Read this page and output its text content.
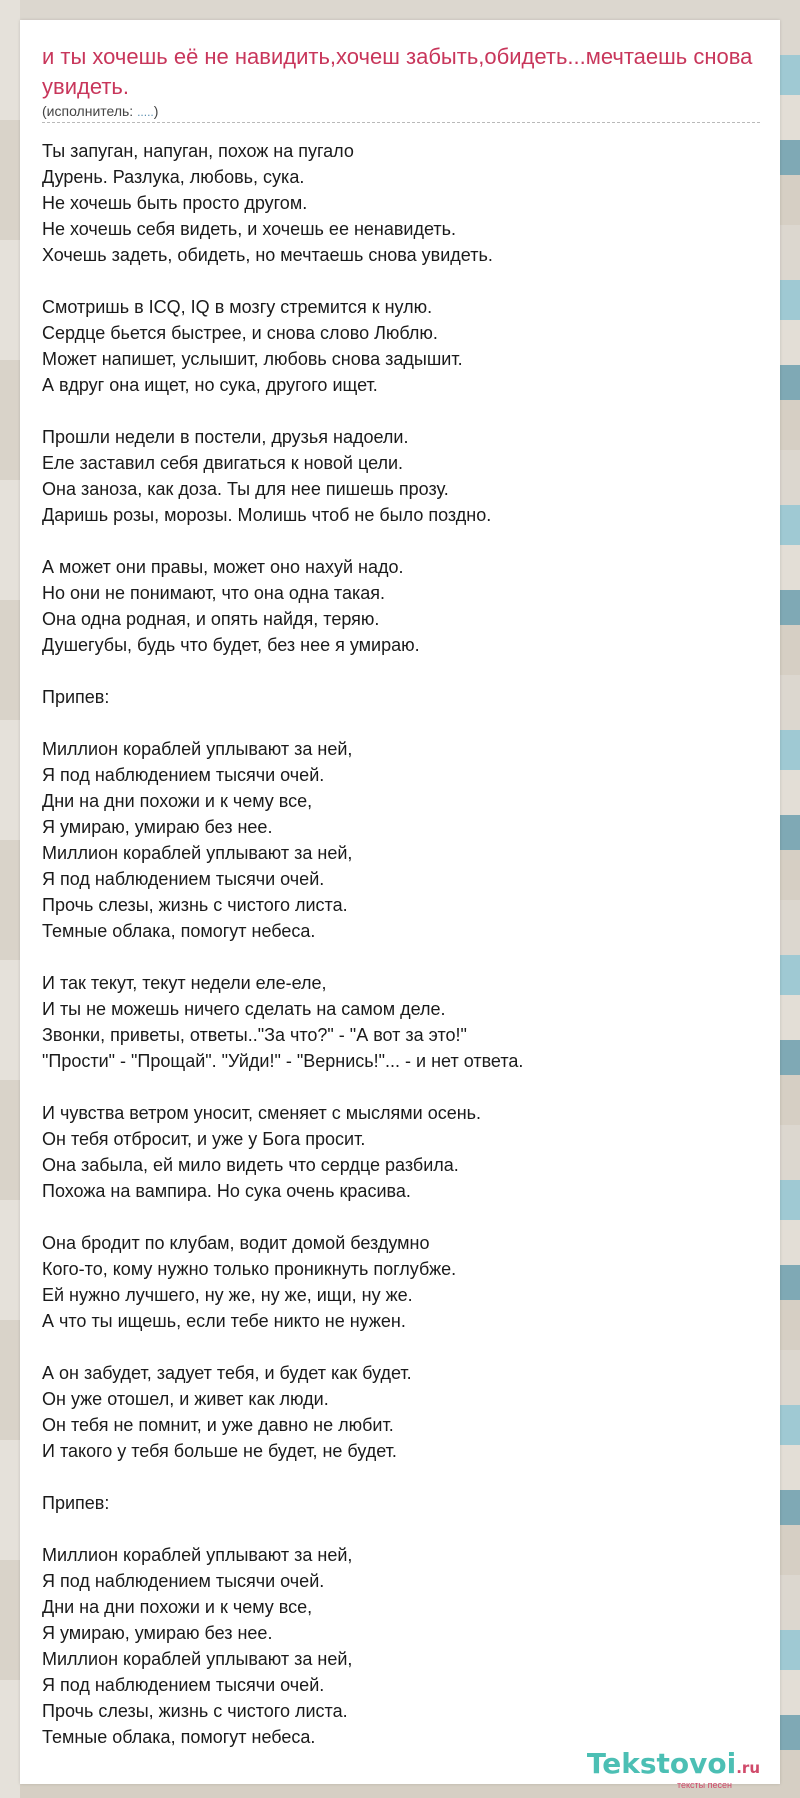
и ты хочешь её не навидить,хочеш забыть,обидеть...мечтаешь снова увидеть.
(исполнитель: .....)
Ты запуган, напуган, похож на пугало
Дурень. Разлука, любовь, сука.
Не хочешь быть просто другом.
Не хочешь себя видеть, и хочешь ее ненавидеть.
Хочешь задеть, обидеть, но мечтаешь снова увидеть.
Смотришь в ICQ, IQ в мозгу стремится к нулю.
Сердце бьется быстрее, и снова слово Люблю.
Может напишет, услышит, любовь снова задышит.
А вдруг она ищет, но сука, другого ищет.
Прошли недели в постели, друзья надоели.
Еле заставил себя двигаться к новой цели.
Она заноза, как доза. Ты для нее пишешь прозу.
Даришь розы, морозы. Молишь чтоб не было поздно.
А может они правы, может оно нахуй надо.
Но они не понимают, что она одна такая.
Она одна родная, и опять найдя, теряю.
Душегубы, будь что будет, без нее я умираю.
Припев:
Миллион кораблей уплывают за ней,
Я под наблюдением тысячи очей.
Дни на дни похожи и к чему все,
Я умираю, умираю без нее.
Миллион кораблей уплывают за ней,
Я под наблюдением тысячи очей.
Прочь слезы, жизнь с чистого листа.
Темные облака, помогут небеса.
И так текут, текут недели еле-еле,
И ты не можешь ничего сделать на самом деле.
Звонки, приветы, ответы.."За что?" - "А вот за это!"
"Прости" - "Прощай". "Уйди!" - "Вернись!"... - и нет ответа.
И чувства ветром уносит, сменяет с мыслями осень.
Он тебя отбросит, и уже у Бога просит.
Она забыла, ей мило видеть что сердце разбила.
Похожа на вампира. Но сука очень красива.
Она бродит по клубам, водит домой бездумно
Кого-то, кому нужно только проникнуть поглубже.
Ей нужно лучшего, ну же, ну же, ищи, ну же.
А что ты ищешь, если тебе никто не нужен.
А он забудет, задует тебя, и будет как будет.
Он уже отошел, и живет как люди.
Он тебя не помнит, и уже давно не любит.
И такого у тебя больше не будет, не будет.
Припев:
Миллион кораблей уплывают за ней,
Я под наблюдением тысячи очей.
Дни на дни похожи и к чему все,
Я умираю, умираю без нее.
Миллион кораблей уплывают за ней,
Я под наблюдением тысячи очей.
Прочь слезы, жизнь с чистого листа.
Темные облака, помогут небеса.
Tekstovoi.ru
тексты песен
